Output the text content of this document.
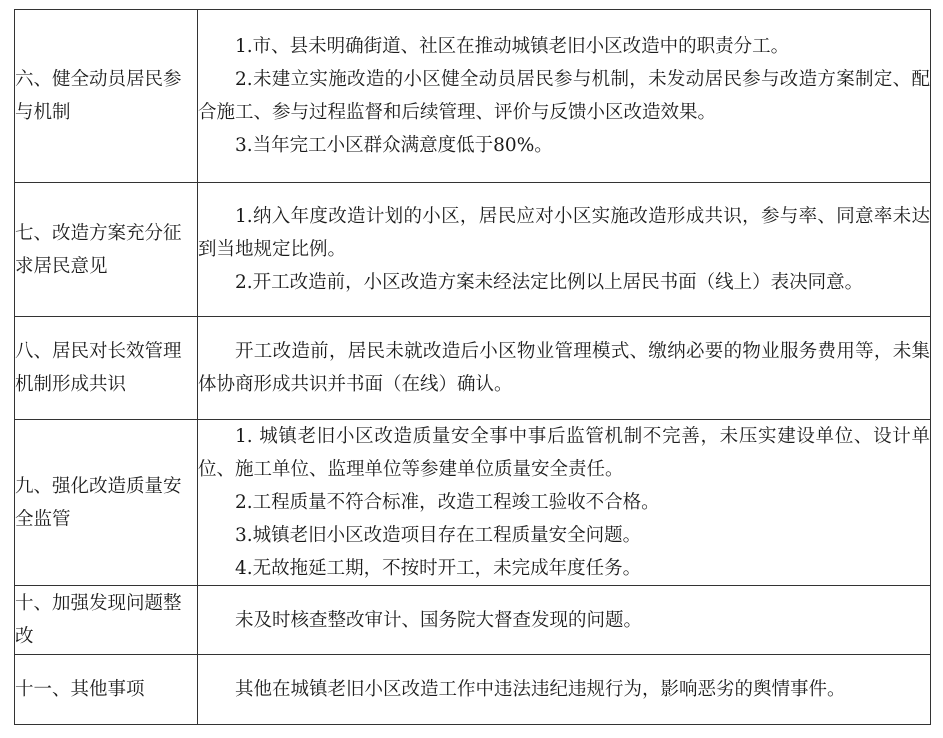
六、健全动员居民参与机制	1.市、县未明确街道、社区在推动城镇老旧小区改造中的职责分工。

2.未建立实施改造的小区健全动员居民参与机制，未发动居民参与改造方案制定、配合施工、参与过程监督和后续管理、评价与反馈小区改造效果。

3.当年完工小区群众满意度低于80%。

七、改造方案充分征求居民意见	1.纳入年度改造计划的小区，居民应对小区实施改造形成共识，参与率、同意率未达到当地规定比例。

2.开工改造前，小区改造方案未经法定比例以上居民书面（线上）表决同意。

八、居民对长效管理机制形成共识	开工改造前，居民未就改造后小区物业管理模式、缴纳必要的物业服务费用等，未集体协商形成共识并书面（在线）确认。

九、强化改造质量安全监管	1. 城镇老旧小区改造质量安全事中事后监管机制不完善，未压实建设单位、设计单位、施工单位、监理单位等参建单位质量安全责任。

2.工程质量不符合标准，改造工程竣工验收不合格。

3.城镇老旧小区改造项目存在工程质量安全问题。

4.无故拖延工期，不按时开工，未完成年度任务。

十、加强发现问题整改	未及时核查整改审计、国务院大督查发现的问题。

十一、其他事项	其他在城镇老旧小区改造工作中违法违纪违规行为，影响恶劣的舆情事件。
